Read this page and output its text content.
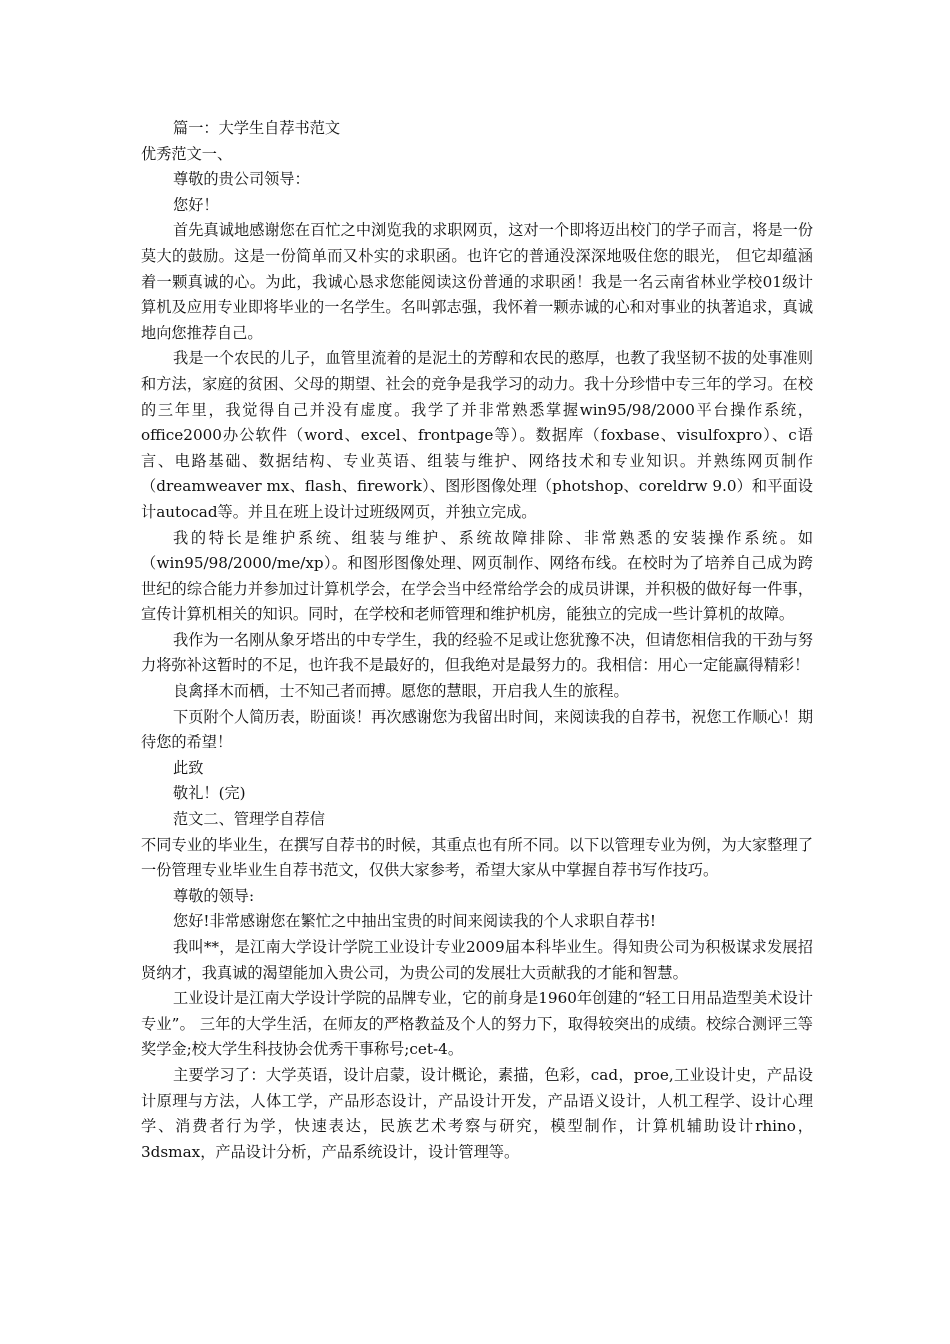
篇一：大学生自荐书范文

优秀范文一、

尊敬的贵公司领导：

您好！

首先真诚地感谢您在百忙之中浏览我的求职网页，这对一个即将迈出校门的学子而言，将是一份莫大的鼓励。这是一份简单而又朴实的求职函。也许它的普通没深深地吸住您的眼光， 但它却蕴涵着一颗真诚的心。为此，我诚心恳求您能阅读这份普通的求职函！我是一名云南省林业学校01级计算机及应用专业即将毕业的一名学生。名叫郭志强，我怀着一颗赤诚的心和对事业的执著追求，真诚地向您推荐自己。

我是一个农民的儿子，血管里流着的是泥土的芳醇和农民的憨厚，也教了我坚韧不拔的处事准则和方法，家庭的贫困、父母的期望、社会的竞争是我学习的动力。我十分珍惜中专三年的学习。在校的三年里，我觉得自己并没有虚度。我学了并非常熟悉掌握win95/98/2000平台操作系统，office2000办公软件（word、excel、frontpage等）。数据库（foxbase、visulfoxpro）、c语言、电路基础、数据结构、专业英语、组装与维护、网络技术和专业知识。并熟练网页制作（dreamweaver mx、flash、firework）、图形图像处理（photshop、coreldrw 9.0）和平面设计autocad等。并且在班上设计过班级网页，并独立完成。

我的特长是维护系统、组装与维护、系统故障排除、非常熟悉的安装操作系统。如（win95/98/2000/me/xp）。和图形图像处理、网页制作、网络布线。在校时为了培养自己成为跨世纪的综合能力并参加过计算机学会，在学会当中经常给学会的成员讲课，并积极的做好每一件事，宣传计算机相关的知识。同时，在学校和老师管理和维护机房，能独立的完成一些计算机的故障。

我作为一名刚从象牙塔出的中专学生，我的经验不足或让您犹豫不决，但请您相信我的干劲与努力将弥补这暂时的不足，也许我不是最好的，但我绝对是最努力的。我相信：用心一定能赢得精彩！

良禽择木而栖，士不知己者而搏。愿您的慧眼，开启我人生的旅程。

下页附个人简历表，盼面谈！再次感谢您为我留出时间，来阅读我的自荐书，祝您工作顺心！期待您的希望！

此致

敬礼！(完)

范文二、管理学自荐信

不同专业的毕业生，在撰写自荐书的时候，其重点也有所不同。以下以管理专业为例，为大家整理了一份管理专业毕业生自荐书范文，仅供大家参考，希望大家从中掌握自荐书写作技巧。

尊敬的领导:

您好!非常感谢您在繁忙之中抽出宝贵的时间来阅读我的个人求职自荐书!

我叫**，是江南大学设计学院工业设计专业2009届本科毕业生。得知贵公司为积极谋求发展招贤纳才，我真诚的渴望能加入贵公司，为贵公司的发展壮大贡献我的才能和智慧。

工业设计是江南大学设计学院的品牌专业，它的前身是1960年创建的“轻工日用品造型美术设计专业”。 三年的大学生活，在师友的严格教益及个人的努力下，取得较突出的成绩。校综合测评三等奖学金;校大学生科技协会优秀干事称号;cet-4。

主要学习了：大学英语，设计启蒙，设计概论，素描，色彩，cad，proe,工业设计史，产品设计原理与方法，人体工学，产品形态设计，产品设计开发，产品语义设计，人机工程学、设计心理学、消费者行为学，快速表达，民族艺术考察与研究，模型制作，计算机辅助设计rhino，3dsmax，产品设计分析，产品系统设计，设计管理等。
